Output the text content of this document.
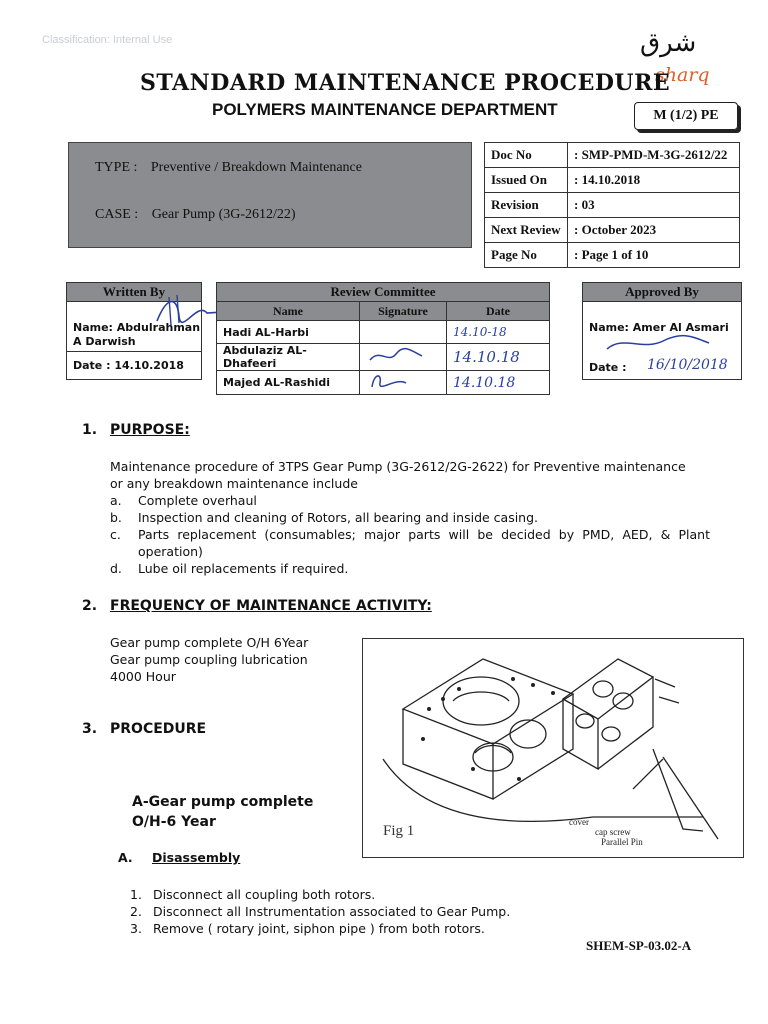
Classification: Internal Use	شرق
sharq
STANDARD MAINTENANCE PROCEDURE
POLYMERS MAINTENANCE DEPARTMENT	M (1/2) PE
TYPE : Preventive / Breakdown Maintenance
CASE : Gear Pump (3G-2612/22)
Doc No	: SMP-PMD-M-3G-2612/22
Issued On	: 14.10.2018
Revision	: 03
Next Review	: October 2023
Page No	: Page 1 of 10
Written By
Name: Abdulrahman A Darwish
Date : 14.10.2018
Review Committee		
Name	Signature	Date
Hadi AL-Harbi		14.10-18
Abdulaziz AL-Dhafeeri		14.10.18
Majed AL-Rashidi		14.10.18
Approved By
Name: Amer Al Asmari
Date : 16/10/2018
1. PURPOSE:
Maintenance procedure of 3TPS Gear Pump (3G-2612/2G-2622) for Preventive maintenance or any breakdown maintenance include
a.	Complete overhaul
b.	Inspection and cleaning of Rotors, all bearing and inside casing.
c.	Parts replacement (consumables; major parts will be decided by PMD, AED, & Plant operation)
d.	Lube oil replacements if required.
2. FREQUENCY OF MAINTENANCE ACTIVITY:
Gear pump complete O/H 6Year
Gear pump coupling lubrication
4000 Hour
3. PROCEDURE
A-Gear pump complete O/H-6 Year
A. Disassembly
1. Disconnect all coupling both rotors.
2. Disconnect all Instrumentation associated to Gear Pump.
3. Remove ( rotary joint, siphon pipe ) from both rotors.
Fig 1
cover
cap screw
Parallel Pin
SHEM-SP-03.02-A
